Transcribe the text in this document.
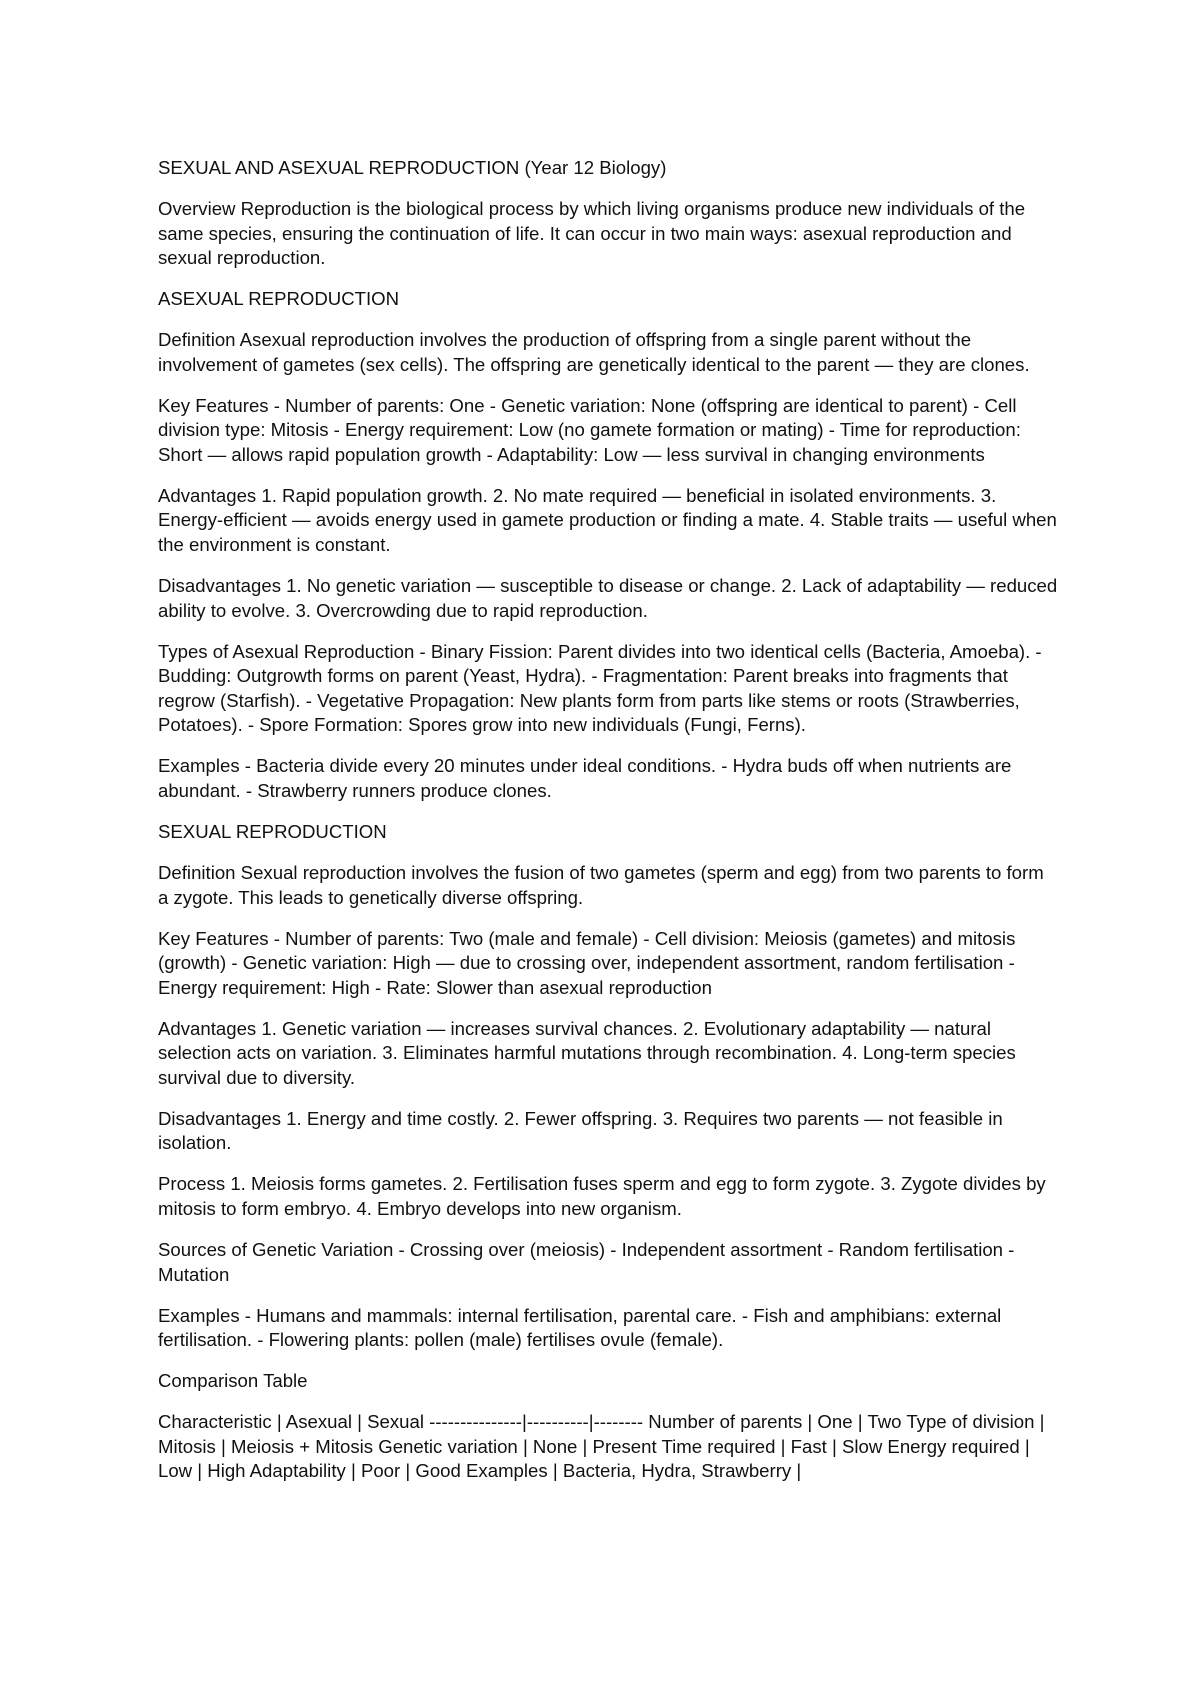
SEXUAL AND ASEXUAL REPRODUCTION (Year 12 Biology)

Overview Reproduction is the biological process by which living organisms produce new individuals of the same species, ensuring the continuation of life. It can occur in two main ways: asexual reproduction and sexual reproduction.

ASEXUAL REPRODUCTION

Definition Asexual reproduction involves the production of offspring from a single parent without the involvement of gametes (sex cells). The offspring are genetically identical to the parent — they are clones.

Key Features - Number of parents: One - Genetic variation: None (offspring are identical to parent) - Cell division type: Mitosis - Energy requirement: Low (no gamete formation or mating) - Time for reproduction: Short — allows rapid population growth - Adaptability: Low — less survival in changing environments

Advantages 1. Rapid population growth. 2. No mate required — beneficial in isolated environments. 3. Energy-efficient — avoids energy used in gamete production or finding a mate. 4. Stable traits — useful when the environment is constant.

Disadvantages 1. No genetic variation — susceptible to disease or change. 2. Lack of adaptability — reduced ability to evolve. 3. Overcrowding due to rapid reproduction.

Types of Asexual Reproduction - Binary Fission: Parent divides into two identical cells (Bacteria, Amoeba). - Budding: Outgrowth forms on parent (Yeast, Hydra). - Fragmentation: Parent breaks into fragments that regrow (Starfish). - Vegetative Propagation: New plants form from parts like stems or roots (Strawberries, Potatoes). - Spore Formation: Spores grow into new individuals (Fungi, Ferns).

Examples - Bacteria divide every 20 minutes under ideal conditions. - Hydra buds off when nutrients are abundant. - Strawberry runners produce clones.

SEXUAL REPRODUCTION

Definition Sexual reproduction involves the fusion of two gametes (sperm and egg) from two parents to form a zygote. This leads to genetically diverse offspring.

Key Features - Number of parents: Two (male and female) - Cell division: Meiosis (gametes) and mitosis (growth) - Genetic variation: High — due to crossing over, independent assortment, random fertilisation - Energy requirement: High - Rate: Slower than asexual reproduction

Advantages 1. Genetic variation — increases survival chances. 2. Evolutionary adaptability — natural selection acts on variation. 3. Eliminates harmful mutations through recombination. 4. Long-term species survival due to diversity.

Disadvantages 1. Energy and time costly. 2. Fewer offspring. 3. Requires two parents — not feasible in isolation.

Process 1. Meiosis forms gametes. 2. Fertilisation fuses sperm and egg to form zygote. 3. Zygote divides by mitosis to form embryo. 4. Embryo develops into new organism.

Sources of Genetic Variation - Crossing over (meiosis) - Independent assortment - Random fertilisation - Mutation

Examples - Humans and mammals: internal fertilisation, parental care. - Fish and amphibians: external fertilisation. - Flowering plants: pollen (male) fertilises ovule (female).

Comparison Table

Characteristic | Asexual | Sexual ---------------|----------|-------- Number of parents | One | Two Type of division | Mitosis | Meiosis + Mitosis Genetic variation | None | Present Time required | Fast | Slow Energy required | Low | High Adaptability | Poor | Good Examples | Bacteria, Hydra, Strawberry |
